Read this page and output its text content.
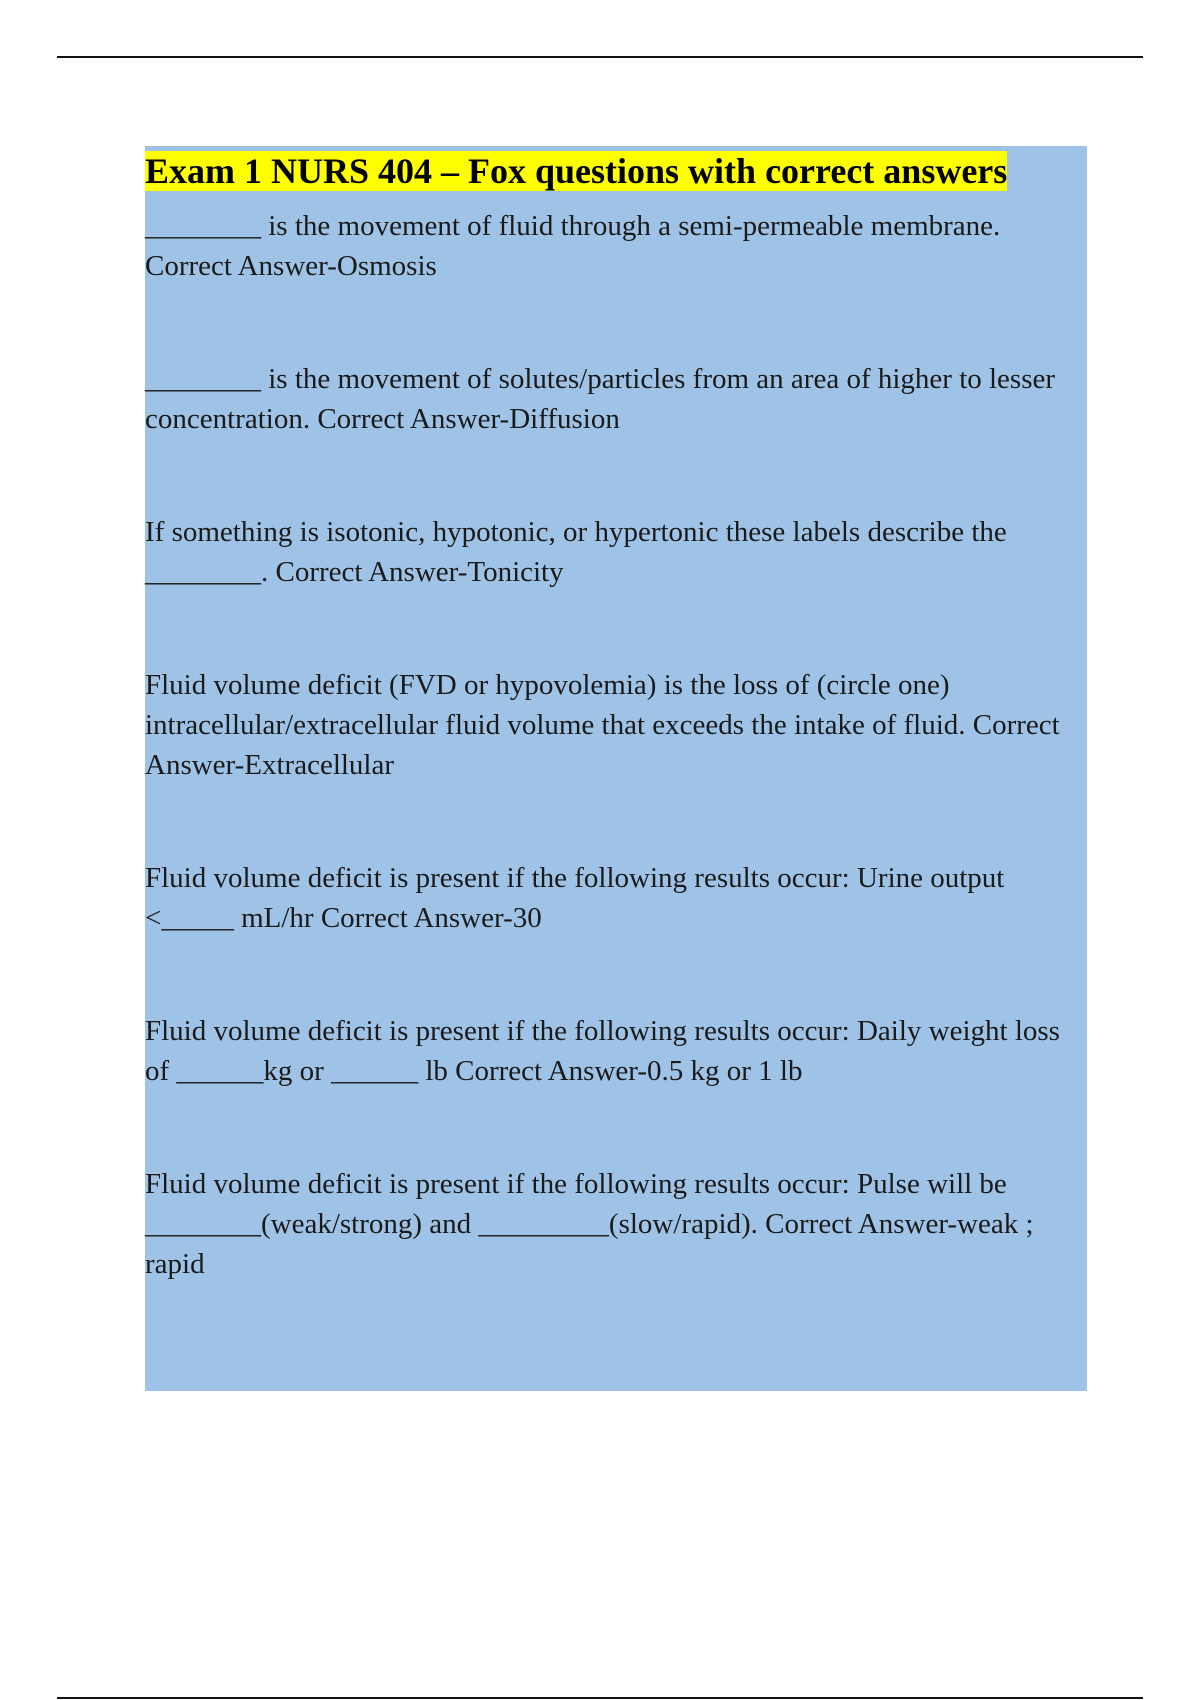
Exam 1 NURS 404 – Fox questions with correct answers
________ is the movement of fluid through a semi-permeable membrane. Correct Answer-Osmosis
________ is the movement of solutes/particles from an area of higher to lesser concentration. Correct Answer-Diffusion
If something is isotonic, hypotonic, or hypertonic these labels describe the ________. Correct Answer-Tonicity
Fluid volume deficit (FVD or hypovolemia) is the loss of (circle one) intracellular/extracellular fluid volume that exceeds the intake of fluid. Correct Answer-Extracellular
Fluid volume deficit is present if the following results occur: Urine output <_____ mL/hr Correct Answer-30
Fluid volume deficit is present if the following results occur: Daily weight loss of ______kg or ______ lb Correct Answer-0.5 kg or 1 lb
Fluid volume deficit is present if the following results occur: Pulse will be ________(weak/strong) and _________(slow/rapid). Correct Answer-weak ; rapid
